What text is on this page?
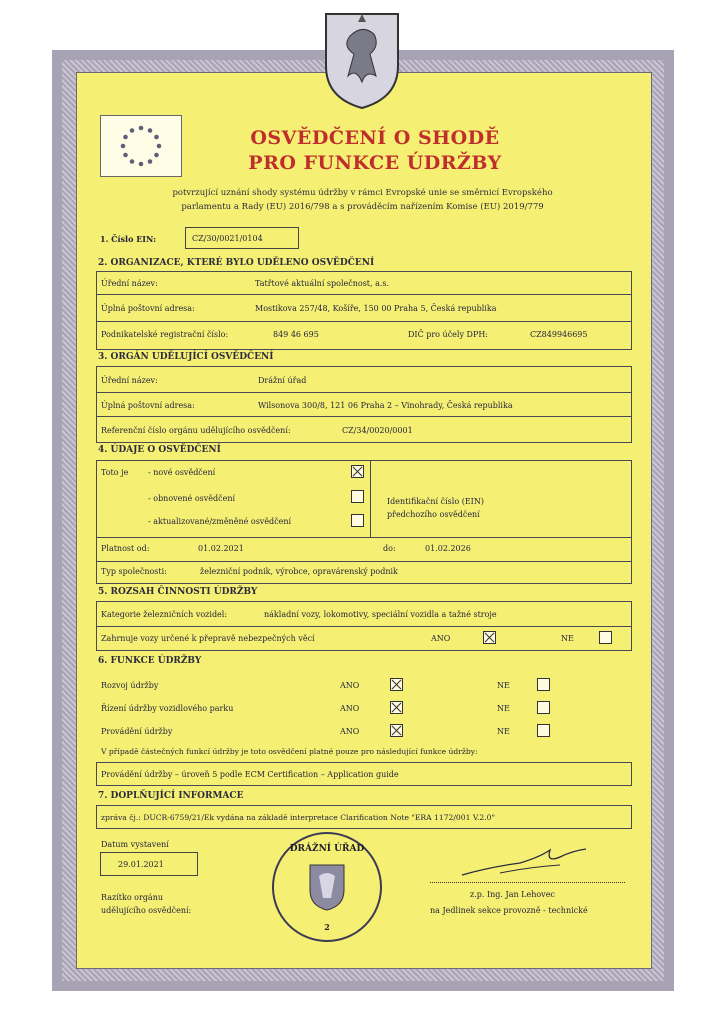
OSVĚDČENÍ O SHODĚ
PRO FUNKCE ÚDRŽBY
potvrzující uznání shody systému údržby v rámci Evropské unie se směrnicí Evropského
parlamentu a Rady (EU) 2016/798 a s prováděcím nařízením Komise (EU) 2019/779
1. Číslo EIN:	CZ/30/0021/0104
2. ORGANIZACE, KTERÉ BYLO UDĚLENO OSVĚDČENÍ
Úřední název:	Tatřtové aktuální společnost, a.s.
Úplná poštovní adresa:	Mostikova 257/48, Košíře, 150 00 Praha 5, Česká republika
Podnikatelské registrační číslo:	849 46 695	DIČ pro účely DPH:	CZ849946695
3. ORGÁN UDĚLUJÍCÍ OSVĚDČENÍ
Úřední název:	Drážní úřad
Úplná poštovní adresa:	Wilsonova 300/8, 121 06 Praha 2 – Vinohrady, Česká republika
Referenční číslo orgánu udělujícího osvědčení:	CZ/34/0020/0001
4. ÚDAJE O OSVĚDČENÍ
Toto je - nové osvědčení
- obnovené osvědčení
- aktualizované/změněné osvědčení
Identifikační číslo (EIN)
předchozího osvědčení
Platnost od:	01.02.2021	do:	01.02.2026
Typ společnosti:	železniční podnik, výrobce, opravárenský podnik
5. ROZSAH ČINNOSTI ÚDRŽBY
Kategorie železničních vozidel:	nákladní vozy, lokomotivy, speciální vozidla a tažné stroje
Zahrnuje vozy určené k přepravě nebezpečných věcí	ANO	NE
6. FUNKCE ÚDRŽBY
Rozvoj údržby	ANO	NE
Řízení údržby vozidlového parku	ANO	NE
Provádění údržby	ANO	NE
V případě částečných funkcí údržby je toto osvědčení platné pouze pro následující funkce údržby:
Provádění údržby – úroveň 5 podle ECM Certification – Application guide
7. DOPLŇUJÍCÍ INFORMACE
zpráva čj.: DUCR-6759/21/Ek vydána na základě interpretace Clarification Note "ERA 1172/001 V.2.0"
Datum vystavení
29.01.2021
Razítko orgánu
udělujícího osvědčení:
DRÁŽNÍ ÚŘAD
2
z.p. Ing. Jan Lehovec
na Jedlinek sekce provozně - technické
